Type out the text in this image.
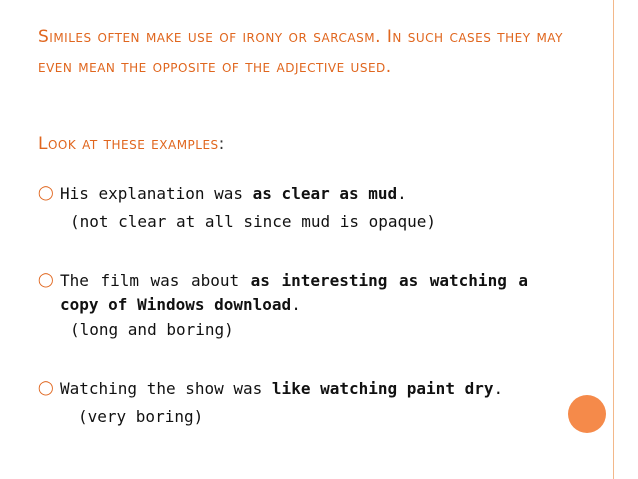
Similes often make use of irony or sarcasm. In such cases they may even mean the opposite of the adjective used.
Look at these examples:
◯ His explanation was as clear as mud.
(not clear at all since mud is opaque)
◯ The film was about as interesting as watching a copy of Windows download.
(long and boring)
◯ Watching the show was like watching paint dry.
(very boring)
